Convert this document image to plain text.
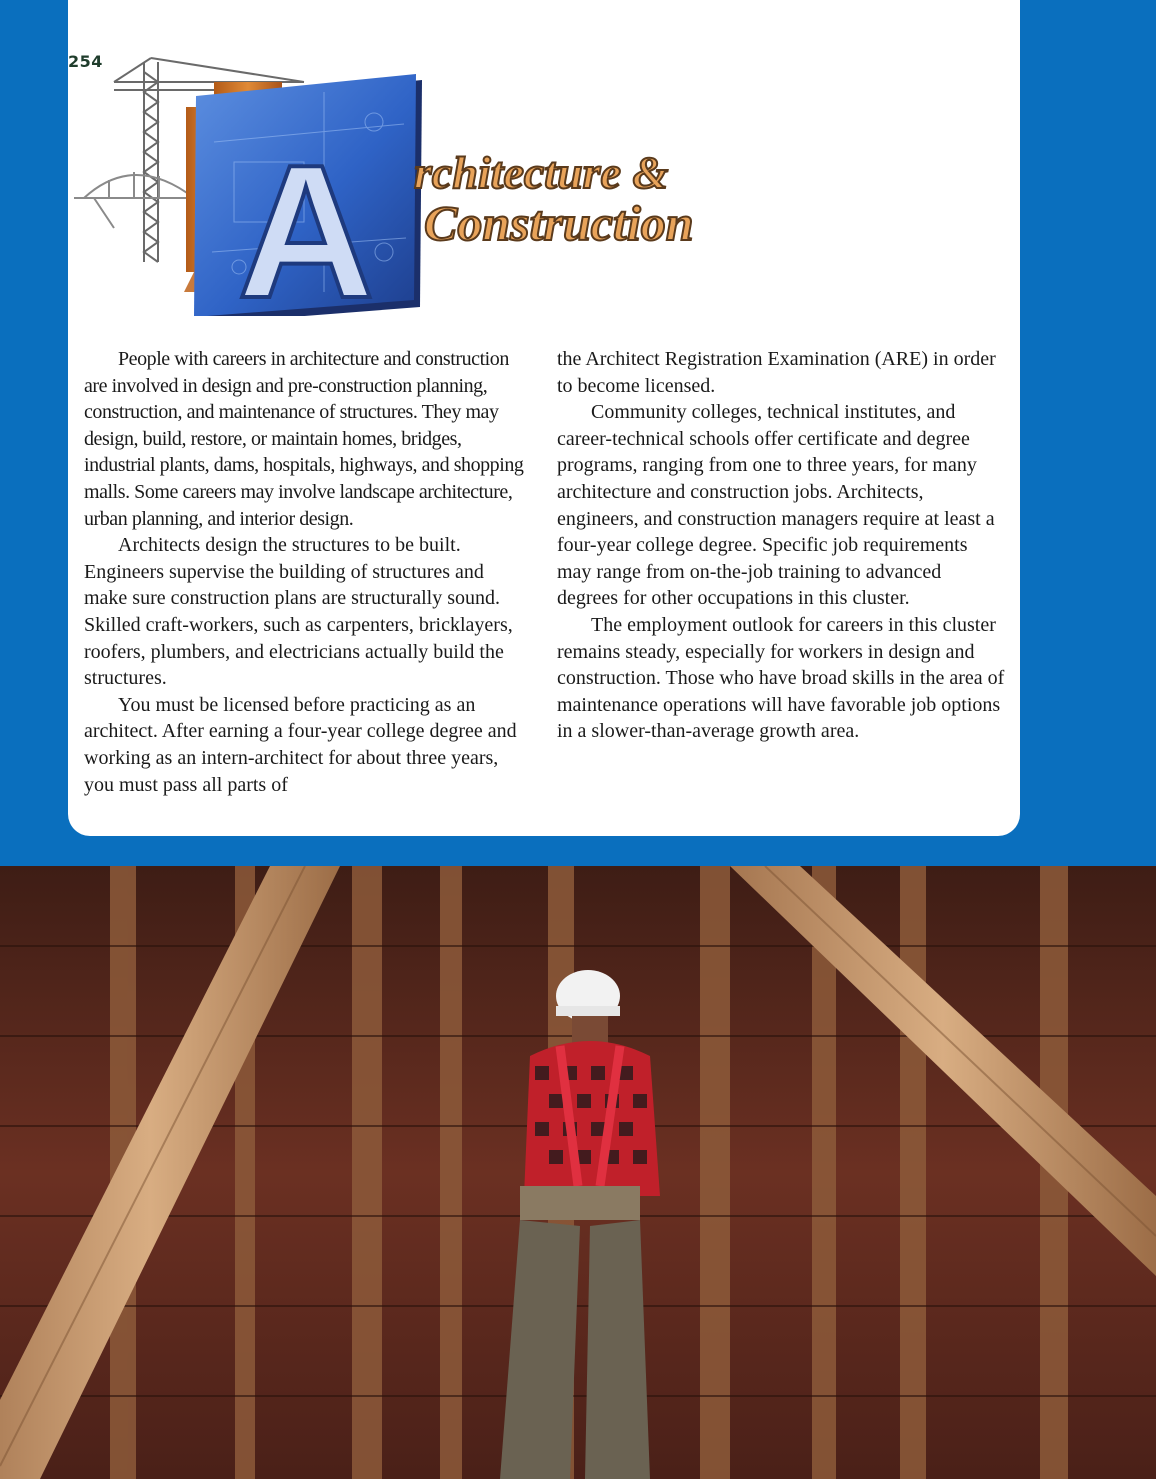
254
A rchitecture &
Construction

People with careers in architecture and construction are involved in design and pre-construction planning, construction, and maintenance of structures. They may design, build, restore, or maintain homes, bridges, industrial plants, dams, hospitals, highways, and shopping malls. Some careers may involve landscape architecture, urban planning, and interior design.

Architects design the structures to be built. Engineers supervise the building of structures and make sure construction plans are structurally sound. Skilled craft-workers, such as carpenters, bricklayers, roofers, plumbers, and electricians actually build the structures.

You must be licensed before practicing as an architect. After earning a four-year college degree and working as an intern-architect for about three years, you must pass all parts of

the Architect Registration Examination (ARE) in order to become licensed.

Community colleges, technical institutes, and career-technical schools offer certificate and degree programs, ranging from one to three years, for many architecture and construction jobs. Architects, engineers, and construction managers require at least a four-year college degree. Specific job requirements may range from on-the-job training to advanced degrees for other occupations in this cluster.

The employment outlook for careers in this cluster remains steady, especially for workers in design and construction. Those who have broad skills in the area of maintenance operations will have favorable job options in a slower-than-average growth area.
